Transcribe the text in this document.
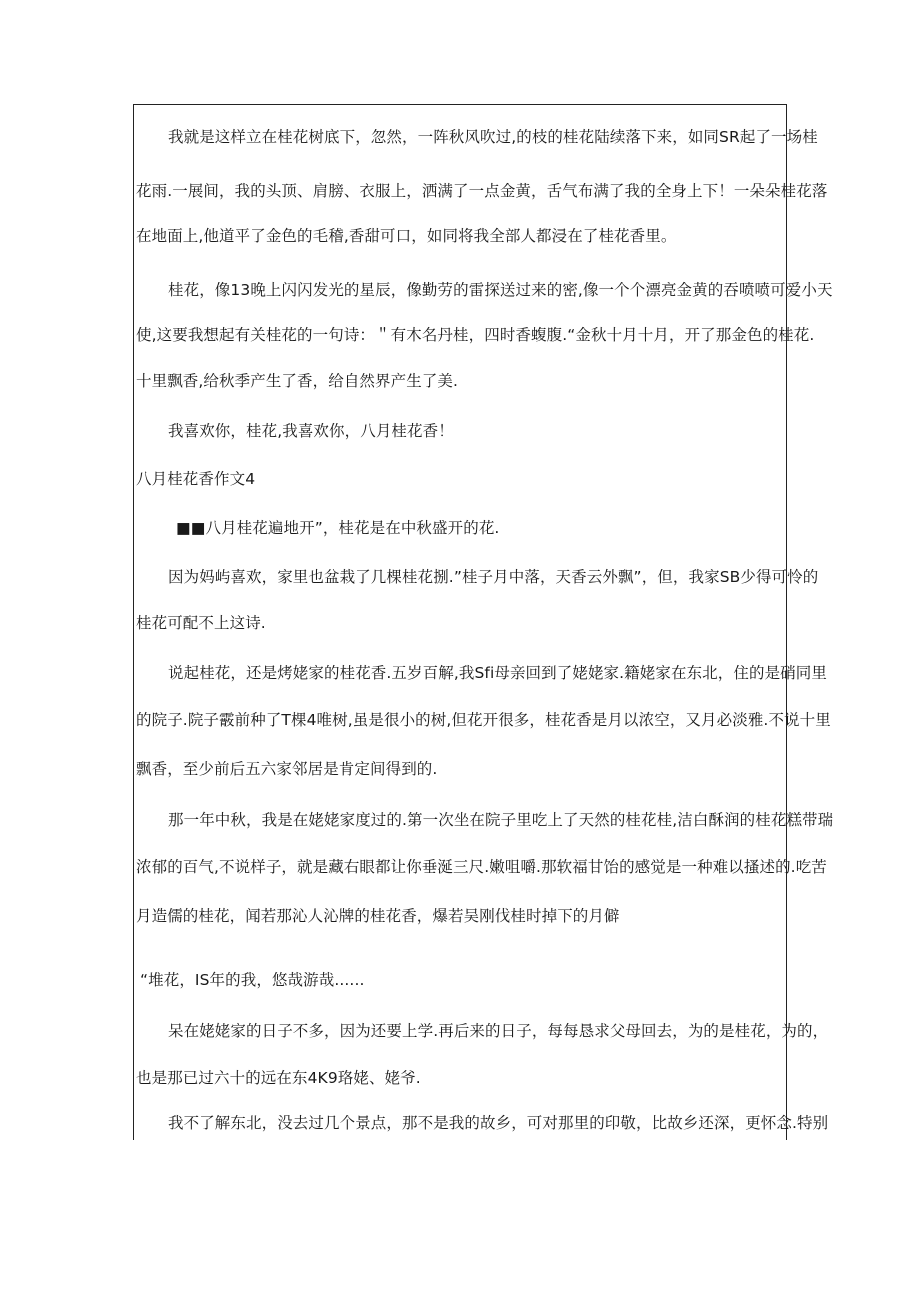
我就是这样立在桂花树底下，忽然，一阵秋风吹过,的枝的桂花陆续落下来，如同SR起了一场桂

花雨.一展间，我的头顶、肩膀、衣服上，洒满了一点金黄，舌气布满了我的全身上下！一朵朵桂花落

在地面上,他道平了金色的毛稽,香甜可口，如同将我全部人都浸在了桂花香里。

桂花，像13晚上闪闪发光的星辰，像勤劳的雷探送过来的密,像一个个漂亮金黄的吞喷喷可爱小天

使,这要我想起有关桂花的一句诗：＂有木名丹桂，四时香蝮腹.“金秋十月十月，开了那金色的桂花.

十里飘香,给秋季产生了香，给自然界产生了美.

我喜欢你，桂花,我喜欢你，八月桂花香！

八月桂花香作文4

■■八月桂花遍地开”，桂花是在中秋盛开的花.

因为妈屿喜欢，家里也盆栽了几棵桂花捌.”桂子月中落，天香云外飘”，但，我家SB少得可怜的

桂花可配不上这诗.

说起桂花，还是烤姥家的桂花香.五岁百解,我Sfi母亲回到了姥姥家.籍姥家在东北，住的是硝同里

的院子.院子霰前种了T棵4唯树,虽是很小的树,但花开很多，桂花香是月以浓空，又月必淡雅.不说十里

飘香，至少前后五六家邻居是肯定间得到的.

那一年中秋，我是在姥姥家度过的.第一次坐在院子里吃上了天然的桂花桂,洁白酥润的桂花糕带瑞

浓郁的百气,不说样子，就是藏右眼都让你垂涎三尺.嫩咀嚼.那软福甘饴的感觉是一种难以搔述的.吃苦

月造儒的桂花，闻若那沁人沁牌的桂花香，爆若吴刚伐桂时掉下的月僻

“堆花，IS年的我，悠哉游哉......

呆在姥姥家的日子不多，因为还要上学.再后来的日子，每每恳求父母回去，为的是桂花，为的，

也是那已过六十的远在东4K9珞姥、姥爷.

我不了解东北，没去过几个景点，那不是我的故乡，可对那里的印敬，比故乡还深，更怀念.特别
